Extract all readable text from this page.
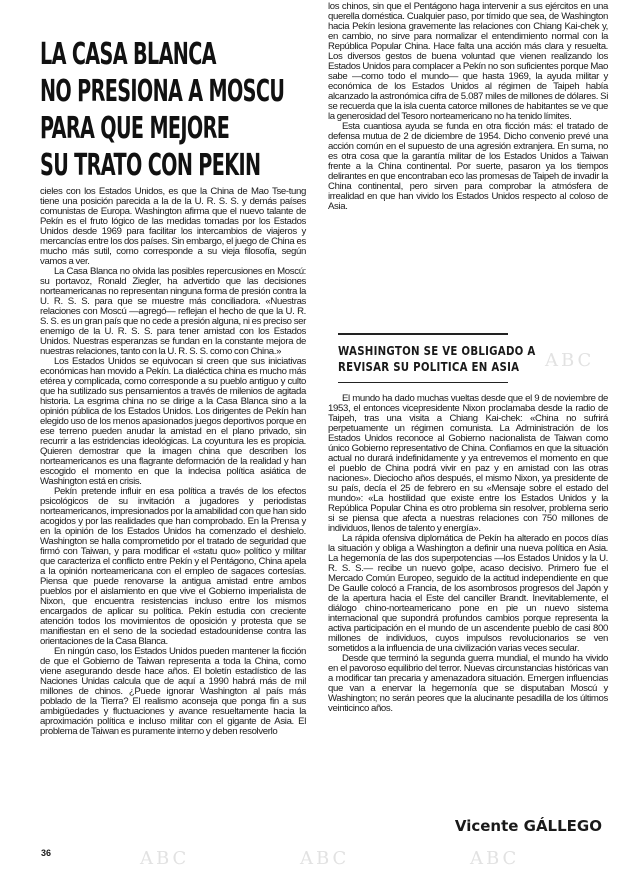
LA CASA BLANCA
NO PRESIONA A MOSCU
PARA QUE MEJORE
SU TRATO CON PEKIN

cieles con los Estados Unidos, es que la China de Mao Tse-tung tiene una posición parecida a la de la U. R. S. S. y demás países comunistas de Europa. Washington afirma que el nuevo talante de Pekín es el fruto lógico de las medidas tomadas por los Estados Unidos desde 1969 para facilitar los intercambios de viajeros y mercancías entre los dos países. Sin embargo, el juego de China es mucho más sutil, como corresponde a su vieja filosofía, según vamos a ver.

La Casa Blanca no olvida las posibles repercusiones en Moscú: su portavoz, Ronald Ziegler, ha advertido que las decisiones norteamericanas no representan ninguna forma de presión contra la U. R. S. S. para que se muestre más conciliadora. «Nuestras relaciones con Moscú —agregó— reflejan el hecho de que la U. R. S. S. es un gran país que no cede a presión alguna, ni es preciso ser enemigo de la U. R. S. S. para tener amistad con los Estados Unidos. Nuestras esperanzas se fundan en la constante mejora de nuestras relaciones, tanto con la U. R. S. S. como con China.»

Los Estados Unidos se equivocan si creen que sus iniciativas económicas han movido a Pekín. La dialéctica china es mucho más etérea y complicada, como corresponde a su pueblo antiguo y culto que ha sutilizado sus pensamientos a través de milenios de agitada historia. La esgrima china no se dirige a la Casa Blanca sino a la opinión pública de los Estados Unidos. Los dirigentes de Pekín han elegido uso de los menos apasionados juegos deportivos porque en ese terreno pueden anudar la amistad en el plano privado, sin recurrir a las estridencias ideológicas. La coyuntura les es propicia. Quieren demostrar que la imagen china que describen los norteamericanos es una flagrante deformación de la realidad y han escogido el momento en que la indecisa política asiática de Washington está en crisis.

Pekín pretende influir en esa política a través de los efectos psicológicos de su invitación a jugadores y periodistas norteamericanos, impresionados por la amabilidad con que han sido acogidos y por las realidades que han comprobado. En la Prensa y en la opinión de los Estados Unidos ha comenzado el deshielo. Washington se halla comprometido por el tratado de seguridad que firmó con Taiwan, y para modificar el «statu quo» político y militar que caracteriza el conflicto entre Pekín y el Pentágono, China apela a la opinión norteamericana con el empleo de sagaces cortesías. Piensa que puede renovarse la antigua amistad entre ambos pueblos por el aislamiento en que vive el Gobierno imperialista de Nixon, que encuentra resistencias incluso entre los mismos encargados de aplicar su política. Pekín estudia con creciente atención todos los movimientos de oposición y protesta que se manifiestan en el seno de la sociedad estadounidense contra las orientaciones de la Casa Blanca.

En ningún caso, los Estados Unidos pueden mantener la ficción de que el Gobierno de Taiwan representa a toda la China, como viene asegurando desde hace años. El boletín estadístico de las Naciones Unidas calcula que de aquí a 1990 habrá más de mil millones de chinos. ¿Puede ignorar Washington al país más poblado de la Tierra? El realismo aconseja que ponga fin a sus ambigüedades y fluctuaciones y avance resueltamente hacia la aproximación política e incluso militar con el gigante de Asia. El problema de Taiwan es puramente interno y deben resolverlo

los chinos, sin que el Pentágono haga intervenir a sus ejércitos en una querella doméstica. Cualquier paso, por tímido que sea, de Washington hacia Pekín lesiona gravemente las relaciones con Chiang Kai-chek y, en cambio, no sirve para normalizar el entendimiento normal con la República Popular China. Hace falta una acción más clara y resuelta. Los diversos gestos de buena voluntad que vienen realizando los Estados Unidos para complacer a Pekín no son suficientes porque Mao sabe —como todo el mundo— que hasta 1969, la ayuda militar y económica de los Estados Unidos al régimen de Taipeh había alcanzado la astronómica cifra de 5.087 miles de millones de dólares. Si se recuerda que la isla cuenta catorce millones de habitantes se ve que la generosidad del Tesoro norteamericano no ha tenido límites.

Esta cuantiosa ayuda se funda en otra ficción más: el tratado de defensa mutua de 2 de diciembre de 1954. Dicho convenio prevé una acción común en el supuesto de una agresión extranjera. En suma, no es otra cosa que la garantía militar de los Estados Unidos a Taiwan frente a la China continental. Por suerte, pasaron ya los tiempos delirantes en que encontraban eco las promesas de Taipeh de invadir la China continental, pero sirven para comprobar la atmósfera de irrealidad en que han vivido los Estados Unidos respecto al coloso de Asia.

WASHINGTON SE VE OBLIGADO A
REVISAR SU POLITICA EN ASIA

El mundo ha dado muchas vueltas desde que el 9 de noviembre de 1953, el entonces vicepresidente Nixon proclamaba desde la radio de Taipeh, tras una visita a Chiang Kai-chek: «China no sufrirá perpetuamente un régimen comunista. La Administración de los Estados Unidos reconoce al Gobierno nacionalista de Taiwan como único Gobierno representativo de China. Confiamos en que la situación actual no durará indefinidamente y ya entrevemos el momento en que el pueblo de China podrá vivir en paz y en amistad con las otras naciones». Dieciocho años después, el mismo Nixon, ya presidente de su país, decía el 25 de febrero en su «Mensaje sobre el estado del mundo»: «La hostilidad que existe entre los Estados Unidos y la República Popular China es otro problema sin resolver, problema serio si se piensa que afecta a nuestras relaciones con 750 millones de individuos, llenos de talento y energía».

La rápida ofensiva diplomática de Pekín ha alterado en pocos días la situación y obliga a Washington a definir una nueva política en Asia. La hegemonía de las dos superpotencias —los Estados Unidos y la U. R. S. S.— recibe un nuevo golpe, acaso decisivo. Primero fue el Mercado Común Europeo, seguido de la actitud independiente en que De Gaulle colocó a Francia, de los asombrosos progresos del Japón y de la apertura hacia el Este del canciller Brandt. Inevitablemente, el diálogo chino-norteamericano pone en pie un nuevo sistema internacional que supondrá profundos cambios porque representa la activa participación en el mundo de un ascendente pueblo de casi 800 millones de individuos, cuyos impulsos revolucionarios se ven sometidos a la influencia de una civilización varias veces secular.

Desde que terminó la segunda guerra mundial, el mundo ha vivido en el pavoroso equilibrio del terror. Nuevas circunstancias históricas van a modificar tan precaria y amenazadora situación. Emergen influencias que van a enervar la hegemonía que se disputaban Moscú y Washington; no serán peores que la alucinante pesadilla de los últimos veinticinco años.

36
Vicente GÁLLEGO
ABC
ABC	ABC	ABC
